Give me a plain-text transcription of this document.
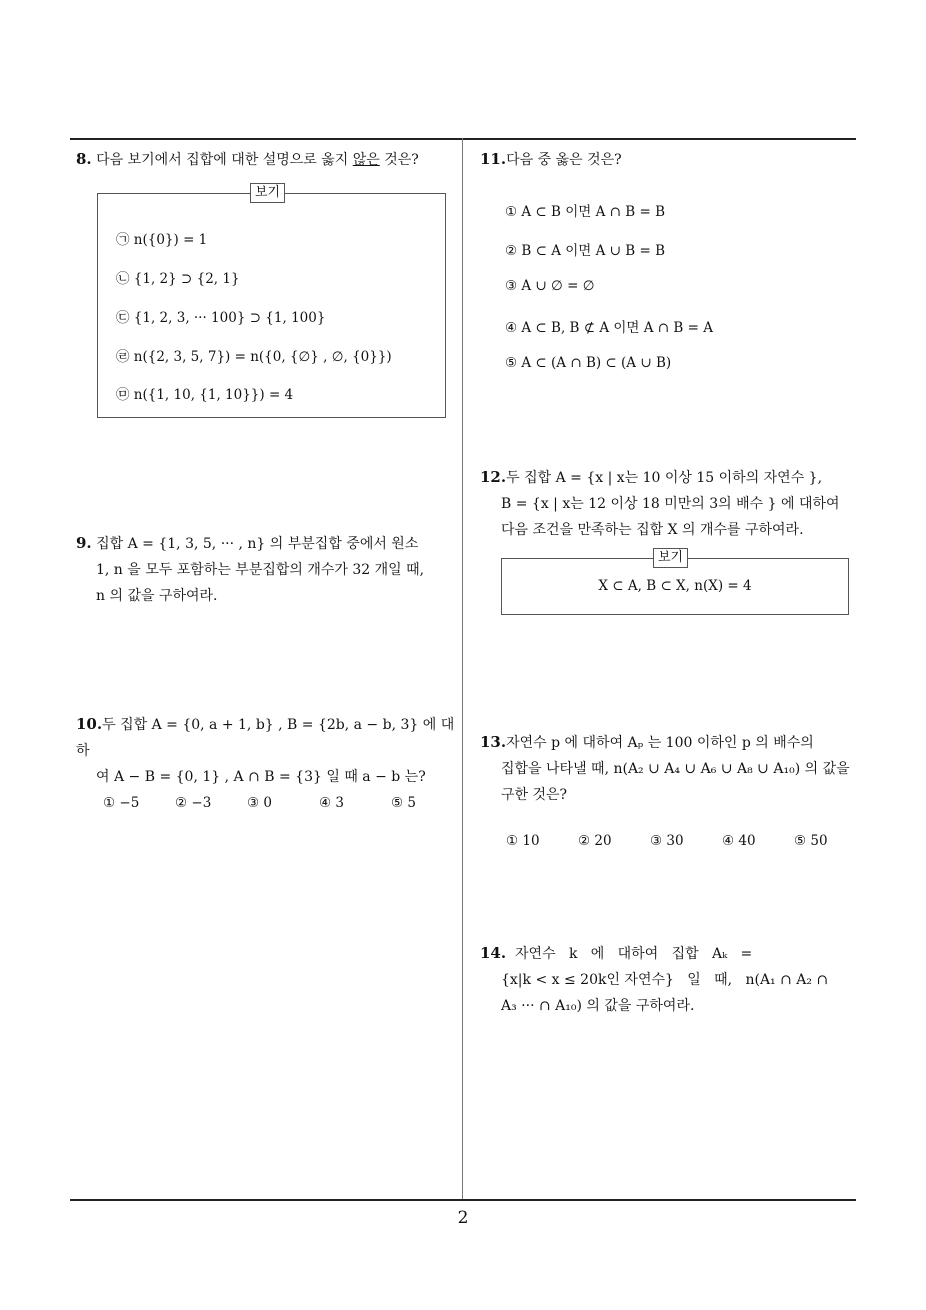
8. 다음 보기에서 집합에 대한 설명으로 옳지 않은 것은?
보기
㉠ n({0}) = 1
㉡ {1, 2} ⊃ {2, 1}
㉢ {1, 2, 3, ··· 100} ⊃ {1, 100}
㉣ n({2, 3, 5, 7}) = n({0, {∅} , ∅, {0}})
㉤ n({1, 10, {1, 10}}) = 4
9. 집합 A = {1, 3, 5, ··· , n} 의 부분집합 중에서 원소
1, n 을 모두 포함하는 부분집합의 개수가 32 개일 때,
n 의 값을 구하여라.
10.두 집합 A = {0, a + 1, b} , B = {2b, a − b, 3} 에 대하
여 A − B = {0, 1} , A ∩ B = {3} 일 때 a − b 는?
① −5	② −3	③ 0	④ 3	⑤ 5
11.다음 중 옳은 것은?
① A ⊂ B 이면 A ∩ B = B
② B ⊂ A 이면 A ∪ B = B
③ A ∪ ∅ = ∅
④ A ⊂ B, B ⊄ A 이면 A ∩ B = A
⑤ A ⊂ (A ∩ B) ⊂ (A ∪ B)
12.두 집합 A = {x | x는 10 이상 15 이하의 자연수 },
B = {x | x는 12 이상 18 미만의 3의 배수 } 에 대하여
다음 조건을 만족하는 집합 X 의 개수를 구하여라.
보기
X ⊂ A, B ⊂ X, n(X) = 4
13.자연수 p 에 대하여 Aₚ 는 100 이하인 p 의 배수의
집합을 나타낼 때, n(A₂ ∪ A₄ ∪ A₆ ∪ A₈ ∪ A₁₀) 의 값을
구한 것은?
① 10	② 20	③ 30	④ 40	⑤ 50
14. 자연수   k   에   대하여   집합   Aₖ   =
{x|k < x ≤ 20k인 자연수}   일   때,   n(A₁ ∩ A₂ ∩
A₃ ··· ∩ A₁₀) 의 값을 구하여라.
2
